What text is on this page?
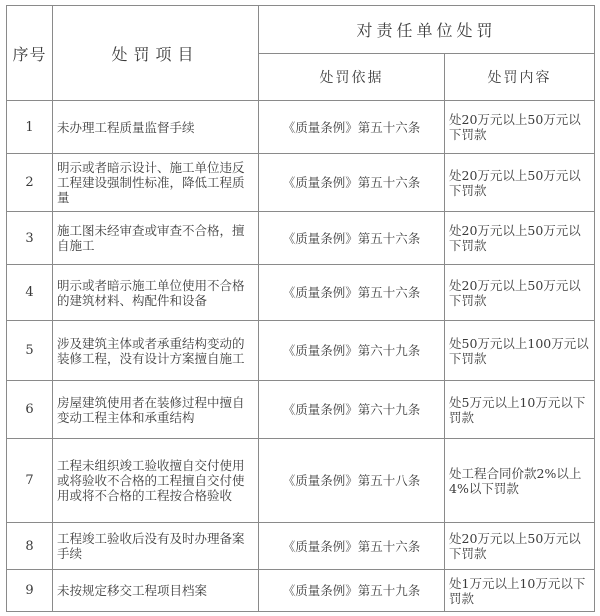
序号	处罚项目	对责任单位处罚	
		处罚依据	处罚内容
1	未办理工程质量监督手续	《质量条例》第五十六条	处20万元以上50万元以下罚款
2	明示或者暗示设计、施工单位违反工程建设强制性标准，降低工程质量	《质量条例》第五十六条	处20万元以上50万元以下罚款
3	施工图未经审查或审查不合格，擅自施工	《质量条例》第五十六条	处20万元以上50万元以下罚款
4	明示或者暗示施工单位使用不合格的建筑材料、构配件和设备	《质量条例》第五十六条	处20万元以上50万元以下罚款
5	涉及建筑主体或者承重结构变动的装修工程，没有设计方案擅自施工	《质量条例》第六十九条	处50万元以上100万元以下罚款
6	房屋建筑使用者在装修过程中擅自变动工程主体和承重结构	《质量条例》第六十九条	处5万元以上10万元以下罚款
7	工程未组织竣工验收擅自交付使用或将验收不合格的工程擅自交付使用或将不合格的工程按合格验收	《质量条例》第五十八条	处工程合同价款2%以上4%以下罚款
8	工程竣工验收后没有及时办理备案手续	《质量条例》第五十六条	处20万元以上50万元以下罚款
9	未按规定移交工程项目档案	《质量条例》第五十九条	处1万元以上10万元以下罚款
